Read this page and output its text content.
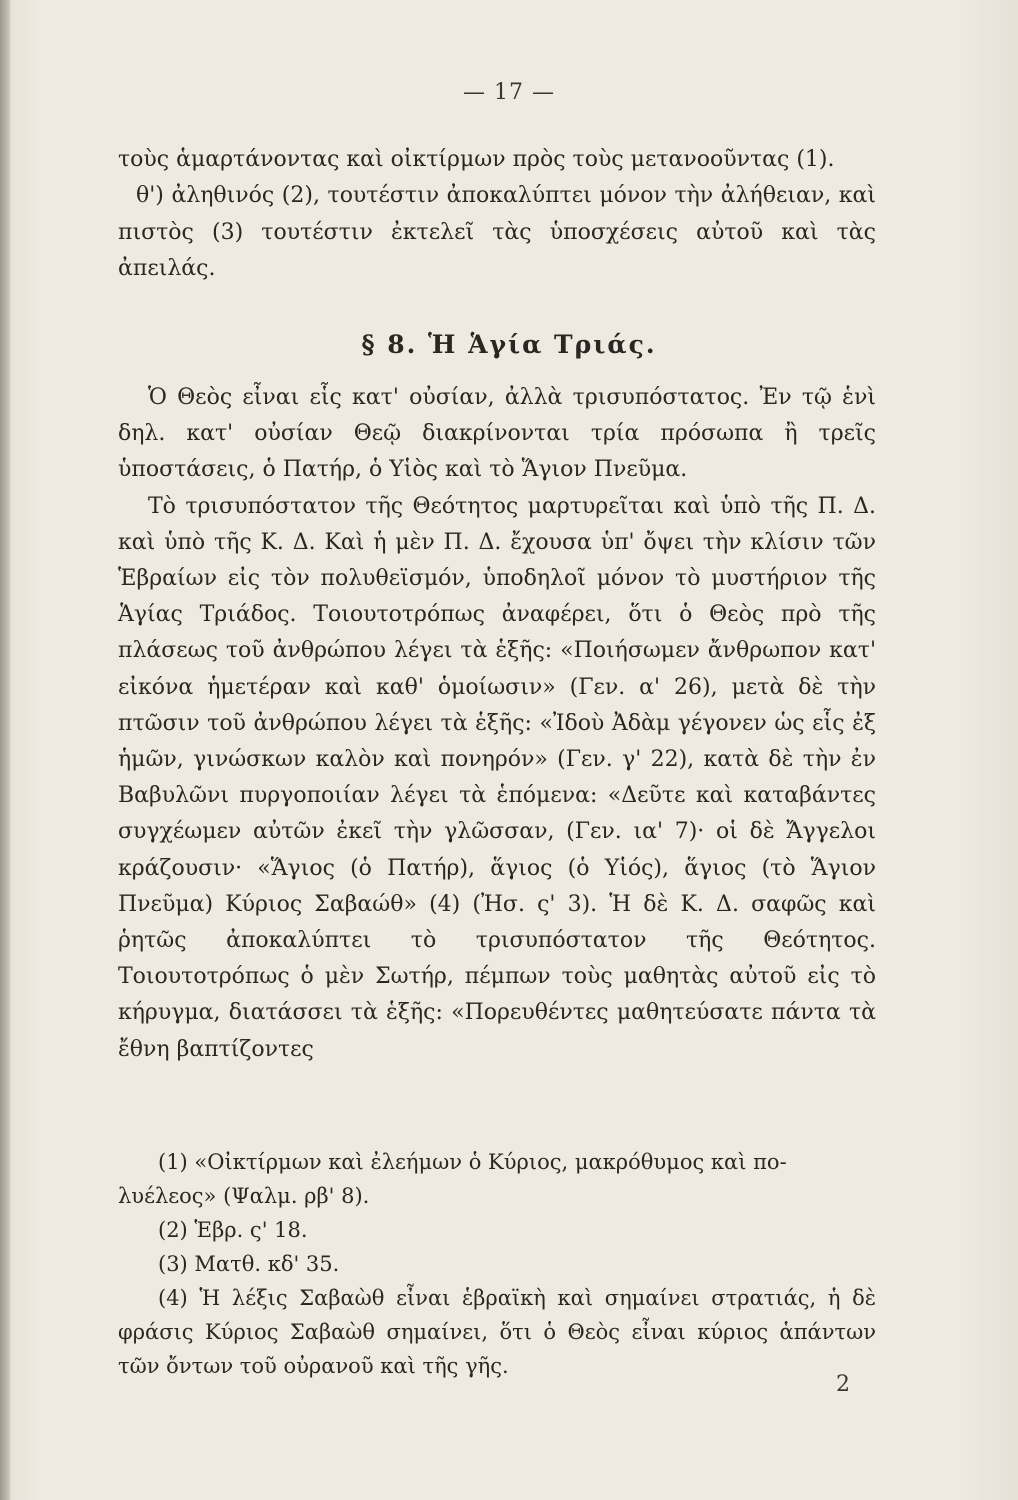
— 17 —

τοὺς ἁμαρτάνοντας καὶ οἰκτίρμων πρὸς τοὺς μετανοοῦντας (1).

θ') ἀληθινός (2), τουτέστιν ἀποκαλύπτει μόνον τὴν ἀλήθειαν, καὶ πιστὸς (3) τουτέστιν ἐκτελεῖ τὰς ὑποσχέσεις αὐτοῦ καὶ τὰς ἀπειλάς.

§ 8. Ἡ Ἁγία Τριάς.

Ὁ Θεὸς εἶναι εἷς κατ' οὐσίαν, ἀλλὰ τρισυπόστατος. Ἐν τῷ ἑνὶ δηλ. κατ' οὐσίαν Θεῷ διακρίνονται τρία πρόσωπα ἢ τρεῖς ὑποστάσεις, ὁ Πατήρ, ὁ Υἱὸς καὶ τὸ Ἅγιον Πνεῦμα.

Τὸ τρισυπόστατον τῆς Θεότητος μαρτυρεῖται καὶ ὑπὸ τῆς Π. Δ. καὶ ὑπὸ τῆς Κ. Δ. Καὶ ἡ μὲν Π. Δ. ἔχουσα ὑπ' ὄψει τὴν κλίσιν τῶν Ἑβραίων εἰς τὸν πολυθεϊσμόν, ὑποδηλοῖ μόνον τὸ μυστήριον τῆς Ἁγίας Τριάδος. Τοιουτοτρόπως ἀναφέρει, ὅτι ὁ Θεὸς πρὸ τῆς πλάσεως τοῦ ἀνθρώπου λέγει τὰ ἑξῆς: «Ποιήσωμεν ἄνθρωπον κατ' εἰκόνα ἡμετέραν καὶ καθ' ὁμοίωσιν» (Γεν. α' 26), μετὰ δὲ τὴν πτῶσιν τοῦ ἀνθρώπου λέγει τὰ ἑξῆς: «Ἰδοὺ Ἀδὰμ γέγονεν ὡς εἷς ἐξ ἡμῶν, γινώσκων καλὸν καὶ πονηρόν» (Γεν. γ' 22), κατὰ δὲ τὴν ἐν Βαβυλῶνι πυργοποιίαν λέγει τὰ ἑπόμενα: «Δεῦτε καὶ καταβάντες συγχέωμεν αὐτῶν ἐκεῖ τὴν γλῶσσαν, (Γεν. ια' 7)· οἱ δὲ Ἄγγελοι κράζουσιν· «Ἅγιος (ὁ Πατήρ), ἅγιος (ὁ Υἱός), ἅγιος (τὸ Ἅγιον Πνεῦμα) Κύριος Σαβαώθ» (4) (Ἠσ. ς' 3). Ἡ δὲ Κ. Δ. σαφῶς καὶ ῥητῶς ἀποκαλύπτει τὸ τρισυπόστατον τῆς Θεότητος. Τοιουτοτρόπως ὁ μὲν Σωτήρ, πέμπων τοὺς μαθητὰς αὐτοῦ εἰς τὸ κήρυγμα, διατάσσει τὰ ἑξῆς: «Πορευθέντες μαθητεύσατε πάντα τὰ ἔθνη βαπτίζοντες

(1) «Οἰκτίρμων καὶ ἐλεήμων ὁ Κύριος, μακρόθυμος καὶ πο-

λυέλεος» (Ψαλμ. ρβ' 8).

(2) Ἑβρ. ς' 18.

(3) Ματθ. κδ' 35.

(4) Ἡ λέξις Σαβαὼθ εἶναι ἑβραϊκὴ καὶ σημαίνει στρατιάς, ἡ δὲ φράσις Κύριος Σαβαὼθ σημαίνει, ὅτι ὁ Θεὸς εἶναι κύριος ἁπάντων τῶν ὄντων τοῦ οὐρανοῦ καὶ τῆς γῆς.

2
